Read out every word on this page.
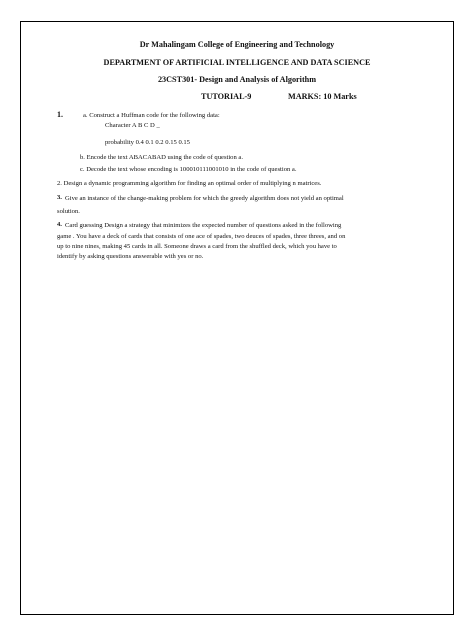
Dr Mahalingam College of Engineering and Technology
DEPARTMENT OF ARTIFICIAL INTELLIGENCE AND DATA SCIENCE
23CST301- Design and Analysis of Algorithm
TUTORIAL-9	MARKS: 10 Marks
1.	a. Construct a Huffman code for the following data:
Character A B C D _
probability 0.4 0.1 0.2 0.15 0.15
b. Encode the text ABACABAD using the code of question a.
c. Decode the text whose encoding is 100010111001010 in the code of question a.
2. Design a dynamic programming algorithm for finding an optimal order of multiplying n matrices.
3. Give an instance of the change-making problem for which the greedy algorithm does not yield an optimal
solution.
4. Card guessing Design a strategy that minimizes the expected number of questions asked in the following
game . You have a deck of cards that consists of one ace of spades, two deuces of spades, three threes, and on
up to nine nines, making 45 cards in all. Someone draws a card from the shuffled deck, which you have to
identify by asking questions answerable with yes or no.
